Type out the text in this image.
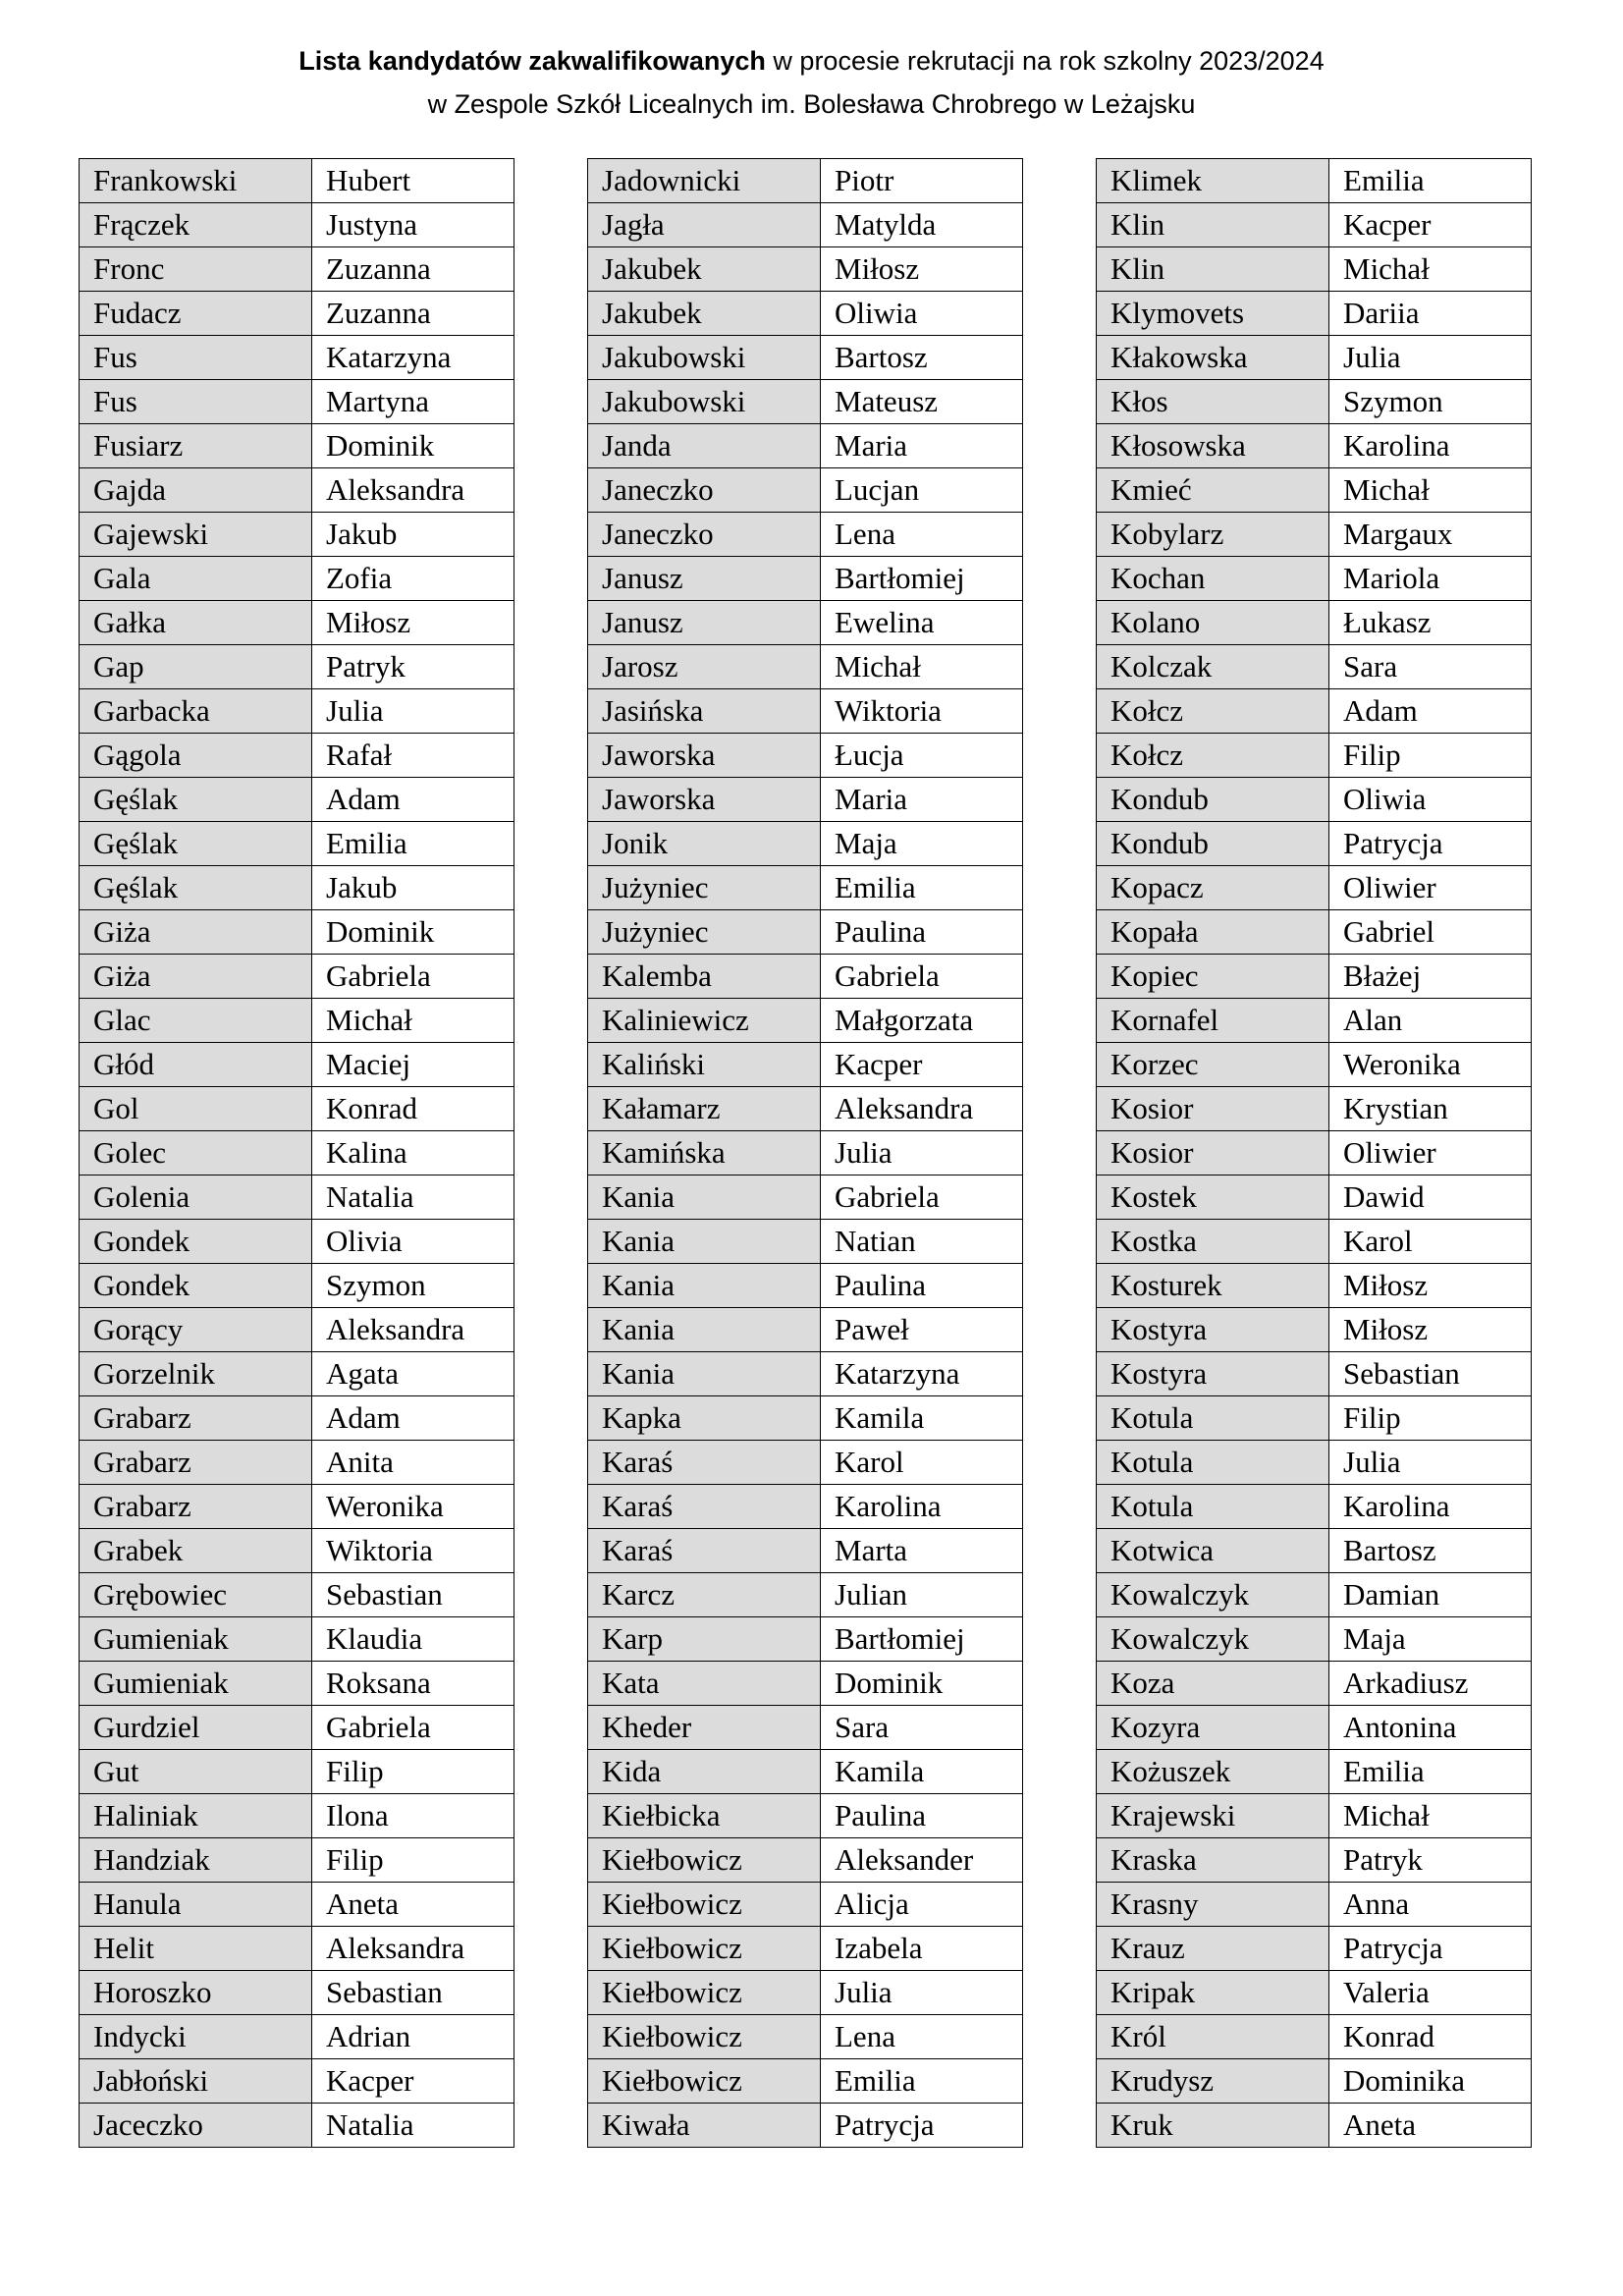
Lista kandydatów zakwalifikowanych w procesie rekrutacji na rok szkolny 2023/2024
w Zespole Szkół Licealnych im. Bolesława Chrobrego w Leżajsku
Frankowski	Hubert
Frączek	Justyna
Fronc	Zuzanna
Fudacz	Zuzanna
Fus	Katarzyna
Fus	Martyna
Fusiarz	Dominik
Gajda	Aleksandra
Gajewski	Jakub
Gala	Zofia
Gałka	Miłosz
Gap	Patryk
Garbacka	Julia
Gągola	Rafał
Gęślak	Adam
Gęślak	Emilia
Gęślak	Jakub
Giża	Dominik
Giża	Gabriela
Glac	Michał
Głód	Maciej
Gol	Konrad
Golec	Kalina
Golenia	Natalia
Gondek	Olivia
Gondek	Szymon
Gorący	Aleksandra
Gorzelnik	Agata
Grabarz	Adam
Grabarz	Anita
Grabarz	Weronika
Grabek	Wiktoria
Grębowiec	Sebastian
Gumieniak	Klaudia
Gumieniak	Roksana
Gurdziel	Gabriela
Gut	Filip
Haliniak	Ilona
Handziak	Filip
Hanula	Aneta
Helit	Aleksandra
Horoszko	Sebastian
Indycki	Adrian
Jabłoński	Kacper
Jaceczko	Natalia
Jadownicki	Piotr
Jagła	Matylda
Jakubek	Miłosz
Jakubek	Oliwia
Jakubowski	Bartosz
Jakubowski	Mateusz
Janda	Maria
Janeczko	Lucjan
Janeczko	Lena
Janusz	Bartłomiej
Janusz	Ewelina
Jarosz	Michał
Jasińska	Wiktoria
Jaworska	Łucja
Jaworska	Maria
Jonik	Maja
Jużyniec	Emilia
Jużyniec	Paulina
Kalemba	Gabriela
Kaliniewicz	Małgorzata
Kaliński	Kacper
Kałamarz	Aleksandra
Kamińska	Julia
Kania	Gabriela
Kania	Natian
Kania	Paulina
Kania	Paweł
Kania	Katarzyna
Kapka	Kamila
Karaś	Karol
Karaś	Karolina
Karaś	Marta
Karcz	Julian
Karp	Bartłomiej
Kata	Dominik
Kheder	Sara
Kida	Kamila
Kiełbicka	Paulina
Kiełbowicz	Aleksander
Kiełbowicz	Alicja
Kiełbowicz	Izabela
Kiełbowicz	Julia
Kiełbowicz	Lena
Kiełbowicz	Emilia
Kiwała	Patrycja
Klimek	Emilia
Klin	Kacper
Klin	Michał
Klymovets	Dariia
Kłakowska	Julia
Kłos	Szymon
Kłosowska	Karolina
Kmieć	Michał
Kobylarz	Margaux
Kochan	Mariola
Kolano	Łukasz
Kolczak	Sara
Kołcz	Adam
Kołcz	Filip
Kondub	Oliwia
Kondub	Patrycja
Kopacz	Oliwier
Kopała	Gabriel
Kopiec	Błażej
Kornafel	Alan
Korzec	Weronika
Kosior	Krystian
Kosior	Oliwier
Kostek	Dawid
Kostka	Karol
Kosturek	Miłosz
Kostyra	Miłosz
Kostyra	Sebastian
Kotula	Filip
Kotula	Julia
Kotula	Karolina
Kotwica	Bartosz
Kowalczyk	Damian
Kowalczyk	Maja
Koza	Arkadiusz
Kozyra	Antonina
Kożuszek	Emilia
Krajewski	Michał
Kraska	Patryk
Krasny	Anna
Krauz	Patrycja
Kripak	Valeria
Król	Konrad
Krudysz	Dominika
Kruk	Aneta
